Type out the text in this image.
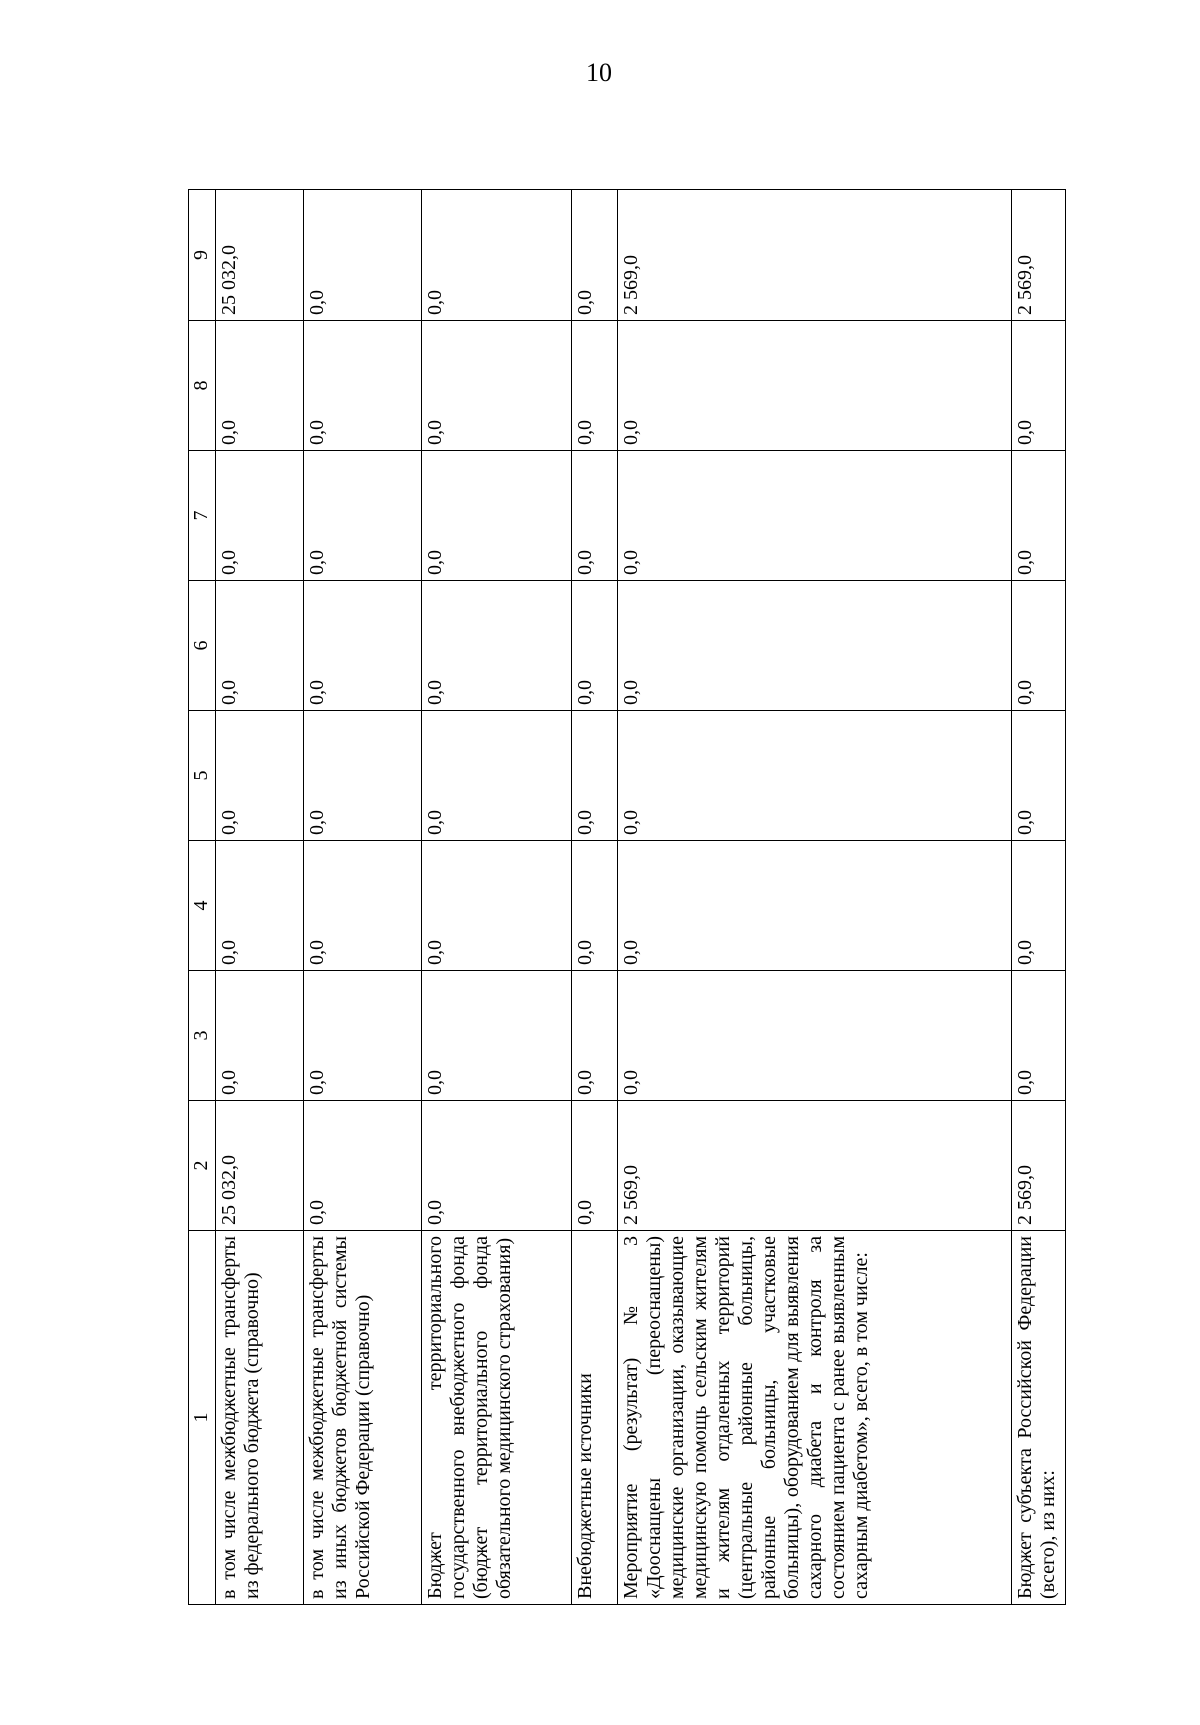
10
1	2	3	4	5	6	7	8	9
в том числе межбюджетные трансферты из федерального бюджета (справочно)	25 032,0	0,0	0,0	0,0	0,0	0,0	0,0	25 032,0
в том числе межбюджетные трансферты из иных бюджетов бюджетной системы Российской Федерации (справочно)	0,0	0,0	0,0	0,0	0,0	0,0	0,0	0,0
Бюджет территориального государственного внебюджетного фонда (бюджет территориального фонда обязательного медицинского страхования)	0,0	0,0	0,0	0,0	0,0	0,0	0,0	0,0
Внебюджетные источники	0,0	0,0	0,0	0,0	0,0	0,0	0,0	0,0
Мероприятие (результат) № 3 «Дооснащены (переоснащены) медицинские организации, оказывающие медицинскую помощь сельским жителям и жителям отдаленных территорий (центральные районные больницы, районные больницы, участковые больницы), оборудованием для выявления сахарного диабета и контроля за состоянием пациента с ранее выявленным сахарным диабетом», всего, в том числе:	2 569,0	0,0	0,0	0,0	0,0	0,0	0,0	2 569,0
Бюджет субъекта Российской Федерации (всего), из них:	2 569,0	0,0	0,0	0,0	0,0	0,0	0,0	2 569,0
